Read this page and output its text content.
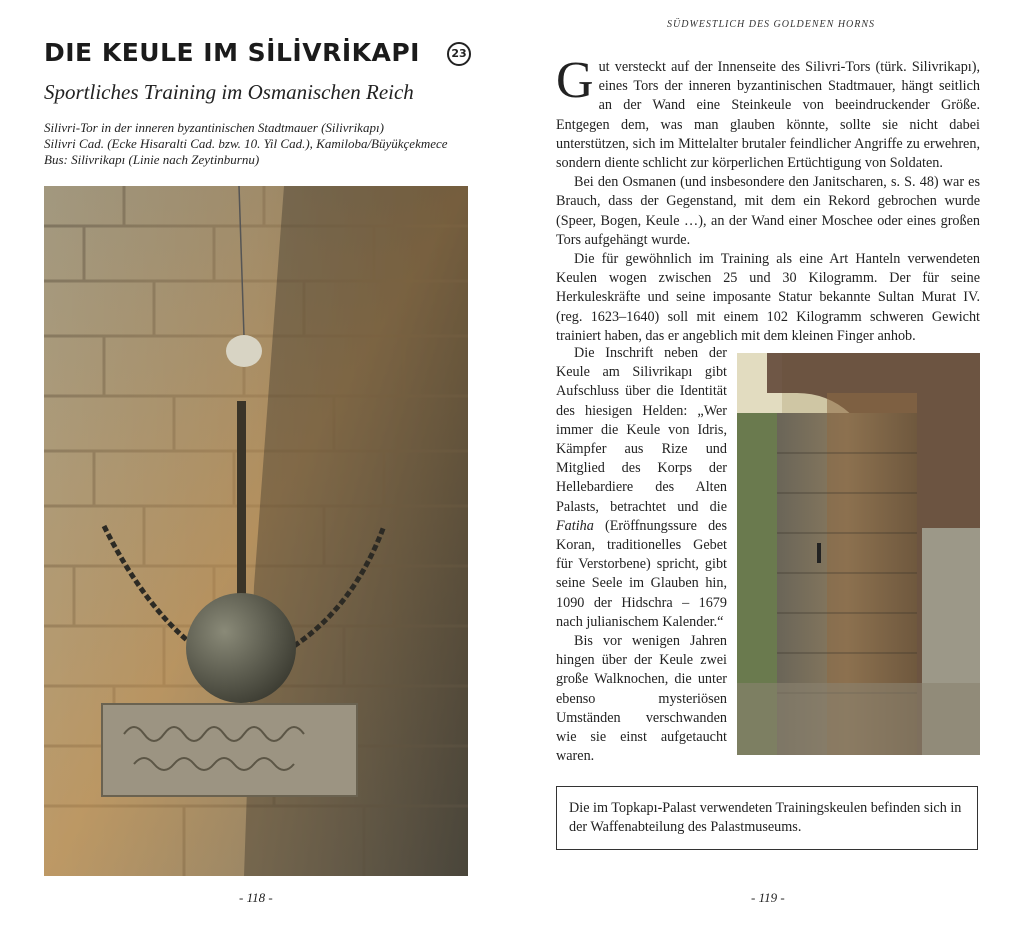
DIE KEULE IM SİLİVRİKAPI	23
Sportliches Training im Osmanischen Reich
Silivri-Tor in der inneren byzantinischen Stadtmauer (Silivrikapı)
Silivri Cad. (Ecke Hisaralti Cad. bzw. 10. Yil Cad.), Kamiloba/Büyükçekmece
Bus: Silivrikapı (Linie nach Zeytinburnu)
- 118 -
SÜDWESTLICH DES GOLDENEN HORNS

Gut versteckt auf der Innenseite des Silivri-Tors (türk. Silivrikapı), eines Tors der inneren byzantinischen Stadtmauer, hängt seitlich an der Wand eine Steinkeule von beeindruckender Größe. Entgegen dem, was man glauben könnte, sollte sie nicht dabei unterstützen, sich im Mittelalter brutaler feindlicher Angriffe zu erwehren, sondern diente schlicht zur körperlichen Ertüchtigung von Soldaten.

Bei den Osmanen (und insbesondere den Janitscharen, s. S. 48) war es Brauch, dass der Gegenstand, mit dem ein Rekord gebrochen wurde (Speer, Bogen, Keule …), an der Wand einer Moschee oder eines großen Tors aufgehängt wurde.

Die für gewöhnlich im Training als eine Art Hanteln verwendeten Keulen wogen zwischen 25 und 30 Kilogramm. Der für seine Herkuleskräfte und seine imposante Statur bekannte Sultan Murat IV. (reg. 1623–1640) soll mit einem 102 Kilogramm schweren Gewicht trainiert haben, das er angeblich mit dem kleinen Finger anhob.

Die Inschrift neben der Keule am Silivrikapı gibt Aufschluss über die Identität des hiesigen Helden: „Wer immer die Keule von Idris, Kämpfer aus Rize und Mitglied des Korps der Hellebardiere des Alten Palasts, betrachtet und die Fatiha (Eröffnungssure des Koran, traditionelles Gebet für Verstorbene) spricht, gibt seine Seele im Glauben hin, 1090 der Hidschra – 1679 nach julianischem Kalender.“

Bis vor wenigen Jahren hingen über der Keule zwei große Walknochen, die unter ebenso mysteriösen Umständen verschwanden wie sie einst aufgetaucht waren.

Die im Topkapı-Palast verwendeten Trainingskeulen befinden sich in der Waffenabteilung des Palastmuseums.
- 119 -
